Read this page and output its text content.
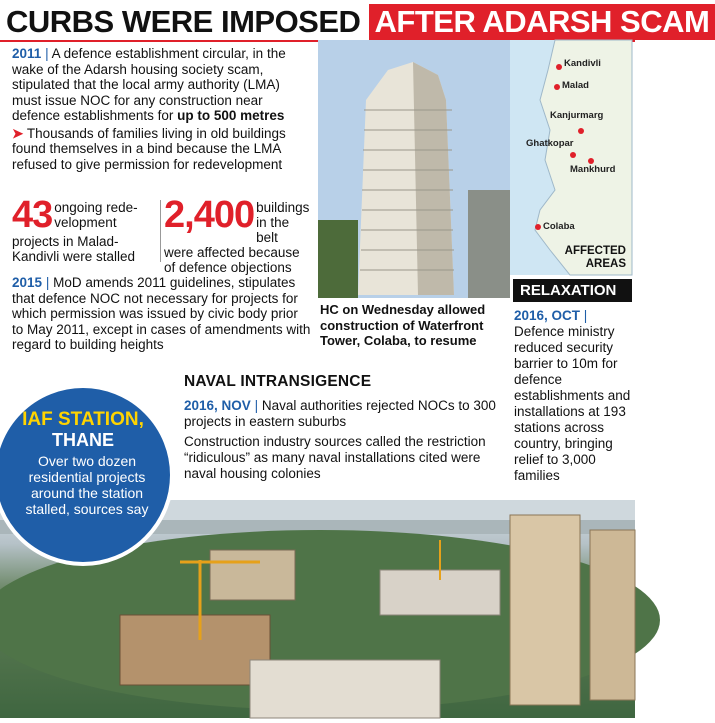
CURBS WERE IMPOSED AFTER ADARSH SCAM
2011 | A defence establishment circular, in the wake of the Adarsh housing society scam, stipulated that the local army authority (LMA) must issue NOC for any construction near defence establishments for up to 500 metres
➤ Thousands of families living in old buildings found themselves in a bind because the LMA refused to give permission for redevelopment
43 ongoing rede-
velopment
projects in Malad-
Kandivli were stalled
2,400 buildings
in the belt
were affected because
of defence objections
2015 | MoD amends 2011 guidelines, stipulates that defence NOC not necessary for projects for which permission was issued by civic body prior to May 2011, except in cases of amendments with regard to building heights
HC on Wednesday allowed construction of Waterfront Tower, Colaba, to resume
Kandivli
Malad
Kanjurmarg
Ghatkopar
Mankhurd
Colaba
AFFECTED
AREAS
RELAXATION
2016, OCT | Defence ministry reduced security barrier to 10m for defence establishments and installations at 193 stations across country, bringing relief to 3,000 families
NAVAL INTRANSIGENCE
2016, NOV | Naval authorities rejected NOCs to 300 projects in eastern suburbs
Construction industry sources called the restriction “ridiculous” as many naval installations cited were naval housing colonies
IAF STATION,
THANE
Over two dozen residential projects around the station stalled, sources say
